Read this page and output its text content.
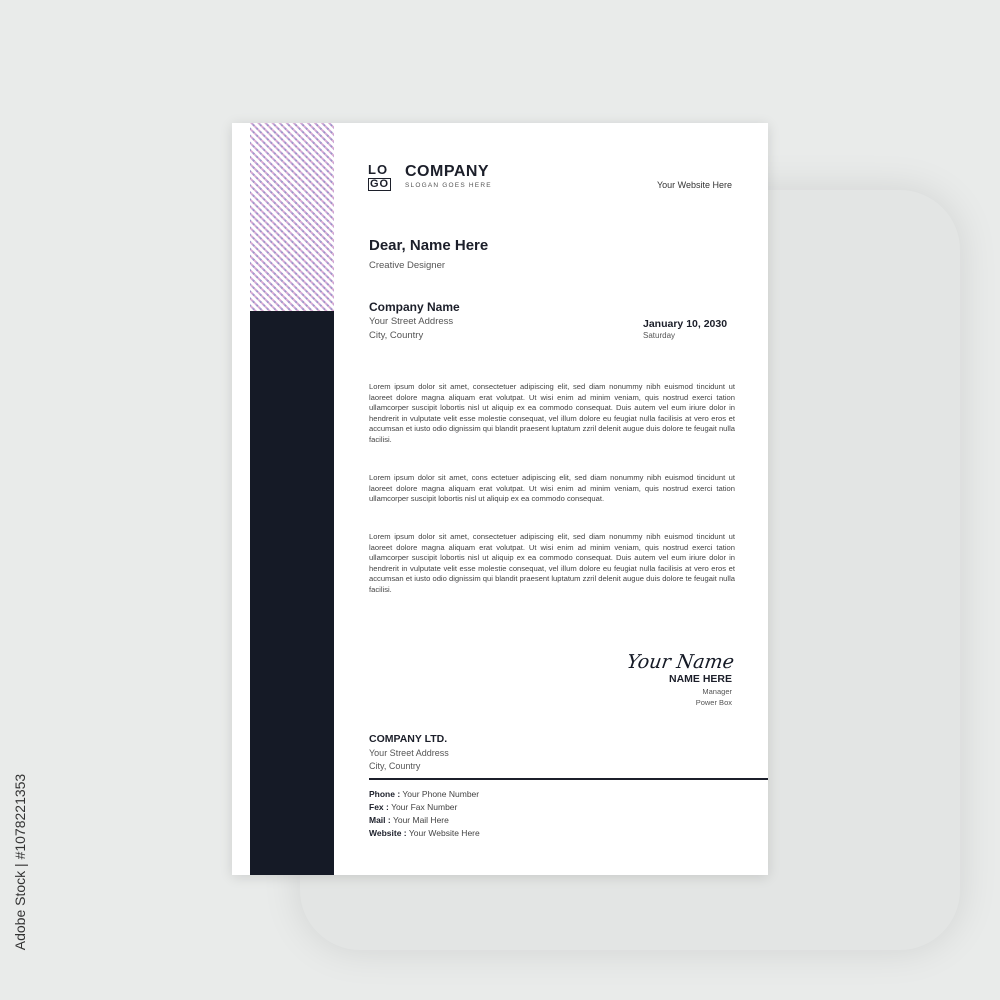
LO
GO
COMPANY
SLOGAN GOES HERE	Your Website Here
Dear, Name Here
Creative Designer
Company Name
Your Street Address
City, Country
January 10, 2030
Saturday

Lorem ipsum dolor sit amet, consectetuer adipiscing elit, sed diam nonummy nibh euismod tincidunt ut laoreet dolore magna aliquam erat volutpat. Ut wisi enim ad minim veniam, quis nostrud exerci tation ullamcorper suscipit lobortis nisl ut aliquip ex ea commodo consequat. Duis autem vel eum iriure dolor in hendrerit in vulputate velit esse molestie consequat, vel illum dolore eu feugiat nulla facilisis at vero eros et accumsan et iusto odio dignissim qui blandit praesent luptatum zzril delenit augue duis dolore te feugait nulla facilisi.

Lorem ipsum dolor sit amet, cons ectetuer adipiscing elit, sed diam nonummy nibh euismod tincidunt ut laoreet dolore magna aliquam erat volutpat. Ut wisi enim ad minim veniam, quis nostrud exerci tation ullamcorper suscipit lobortis nisl ut aliquip ex ea commodo consequat.

Lorem ipsum dolor sit amet, consectetuer adipiscing elit, sed diam nonummy nibh euismod tincidunt ut laoreet dolore magna aliquam erat volutpat. Ut wisi enim ad minim veniam, quis nostrud exerci tation ullamcorper suscipit lobortis nisl ut aliquip ex ea commodo consequat. Duis autem vel eum iriure dolor in hendrerit in vulputate velit esse molestie consequat, vel illum dolore eu feugiat nulla facilisis at vero eros et accumsan et iusto odio dignissim qui blandit praesent luptatum zzril delenit augue duis dolore te feugait nulla facilisi.

Your Name
NAME HERE
Manager
Power Box
COMPANY LTD.
Your Street Address
City, Country
Phone : Your Phone Number
Fex : Your Fax Number
Mail : Your Mail Here
Website : Your Website Here
Adobe Stock | #1078221353
